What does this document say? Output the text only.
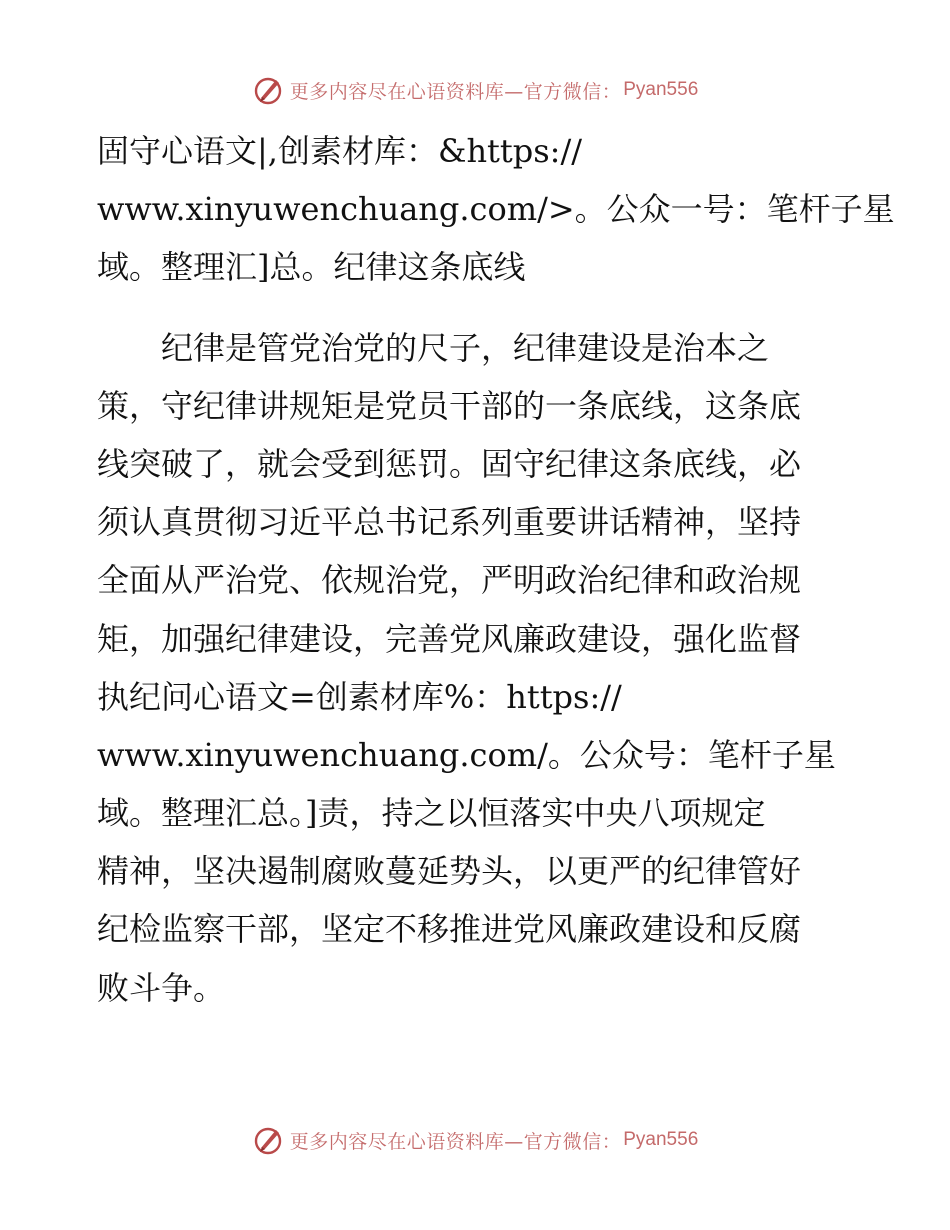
更多内容尽在心语资料库—官方微信： Pyan556
固守心语文|,创素材库：&https://
www.xinyuwenchuang.com/>。公众一号：笔杆子星
域。整理汇]总。纪律这条底线
　　纪律是管党治党的尺子，纪律建设是治本之
策，守纪律讲规矩是党员干部的一条底线，这条底
线突破了，就会受到惩罚。固守纪律这条底线，必
须认真贯彻习近平总书记系列重要讲话精神，坚持
全面从严治党、依规治党，严明政治纪律和政治规
矩，加强纪律建设，完善党风廉政建设，强化监督
执纪问心语文=创素材库%：https://
www.xinyuwenchuang.com/。公众号：笔杆子星
域。整理汇总。]责，持之以恒落实中央八项规定
精神，坚决遏制腐败蔓延势头，以更严的纪律管好
纪检监察干部，坚定不移推进党风廉政建设和反腐
败斗争。
更多内容尽在心语资料库—官方微信： Pyan556
